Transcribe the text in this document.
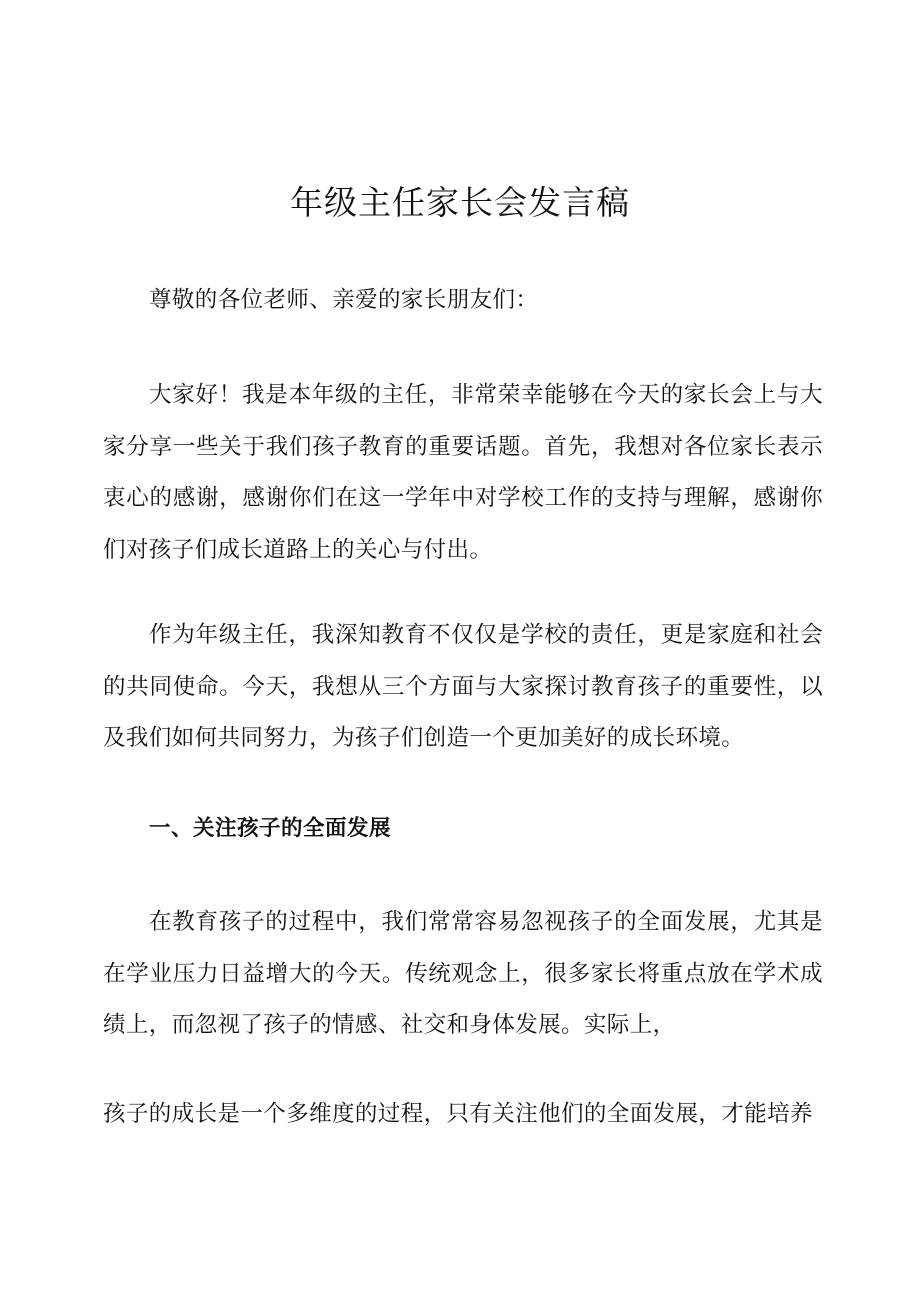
年级主任家长会发言稿

尊敬的各位老师、亲爱的家长朋友们：

大家好！我是本年级的主任，非常荣幸能够在今天的家长会上与大家分享一些关于我们孩子教育的重要话题。首先，我想对各位家长表示衷心的感谢，感谢你们在这一学年中对学校工作的支持与理解，感谢你们对孩子们成长道路上的关心与付出。

作为年级主任，我深知教育不仅仅是学校的责任，更是家庭和社会的共同使命。今天，我想从三个方面与大家探讨教育孩子的重要性，以及我们如何共同努力，为孩子们创造一个更加美好的成长环境。

一、关注孩子的全面发展

在教育孩子的过程中，我们常常容易忽视孩子的全面发展，尤其是在学业压力日益增大的今天。传统观念上，很多家长将重点放在学术成绩上，而忽视了孩子的情感、社交和身体发展。实际上，

孩子的成长是一个多维度的过程，只有关注他们的全面发展，才能培养
